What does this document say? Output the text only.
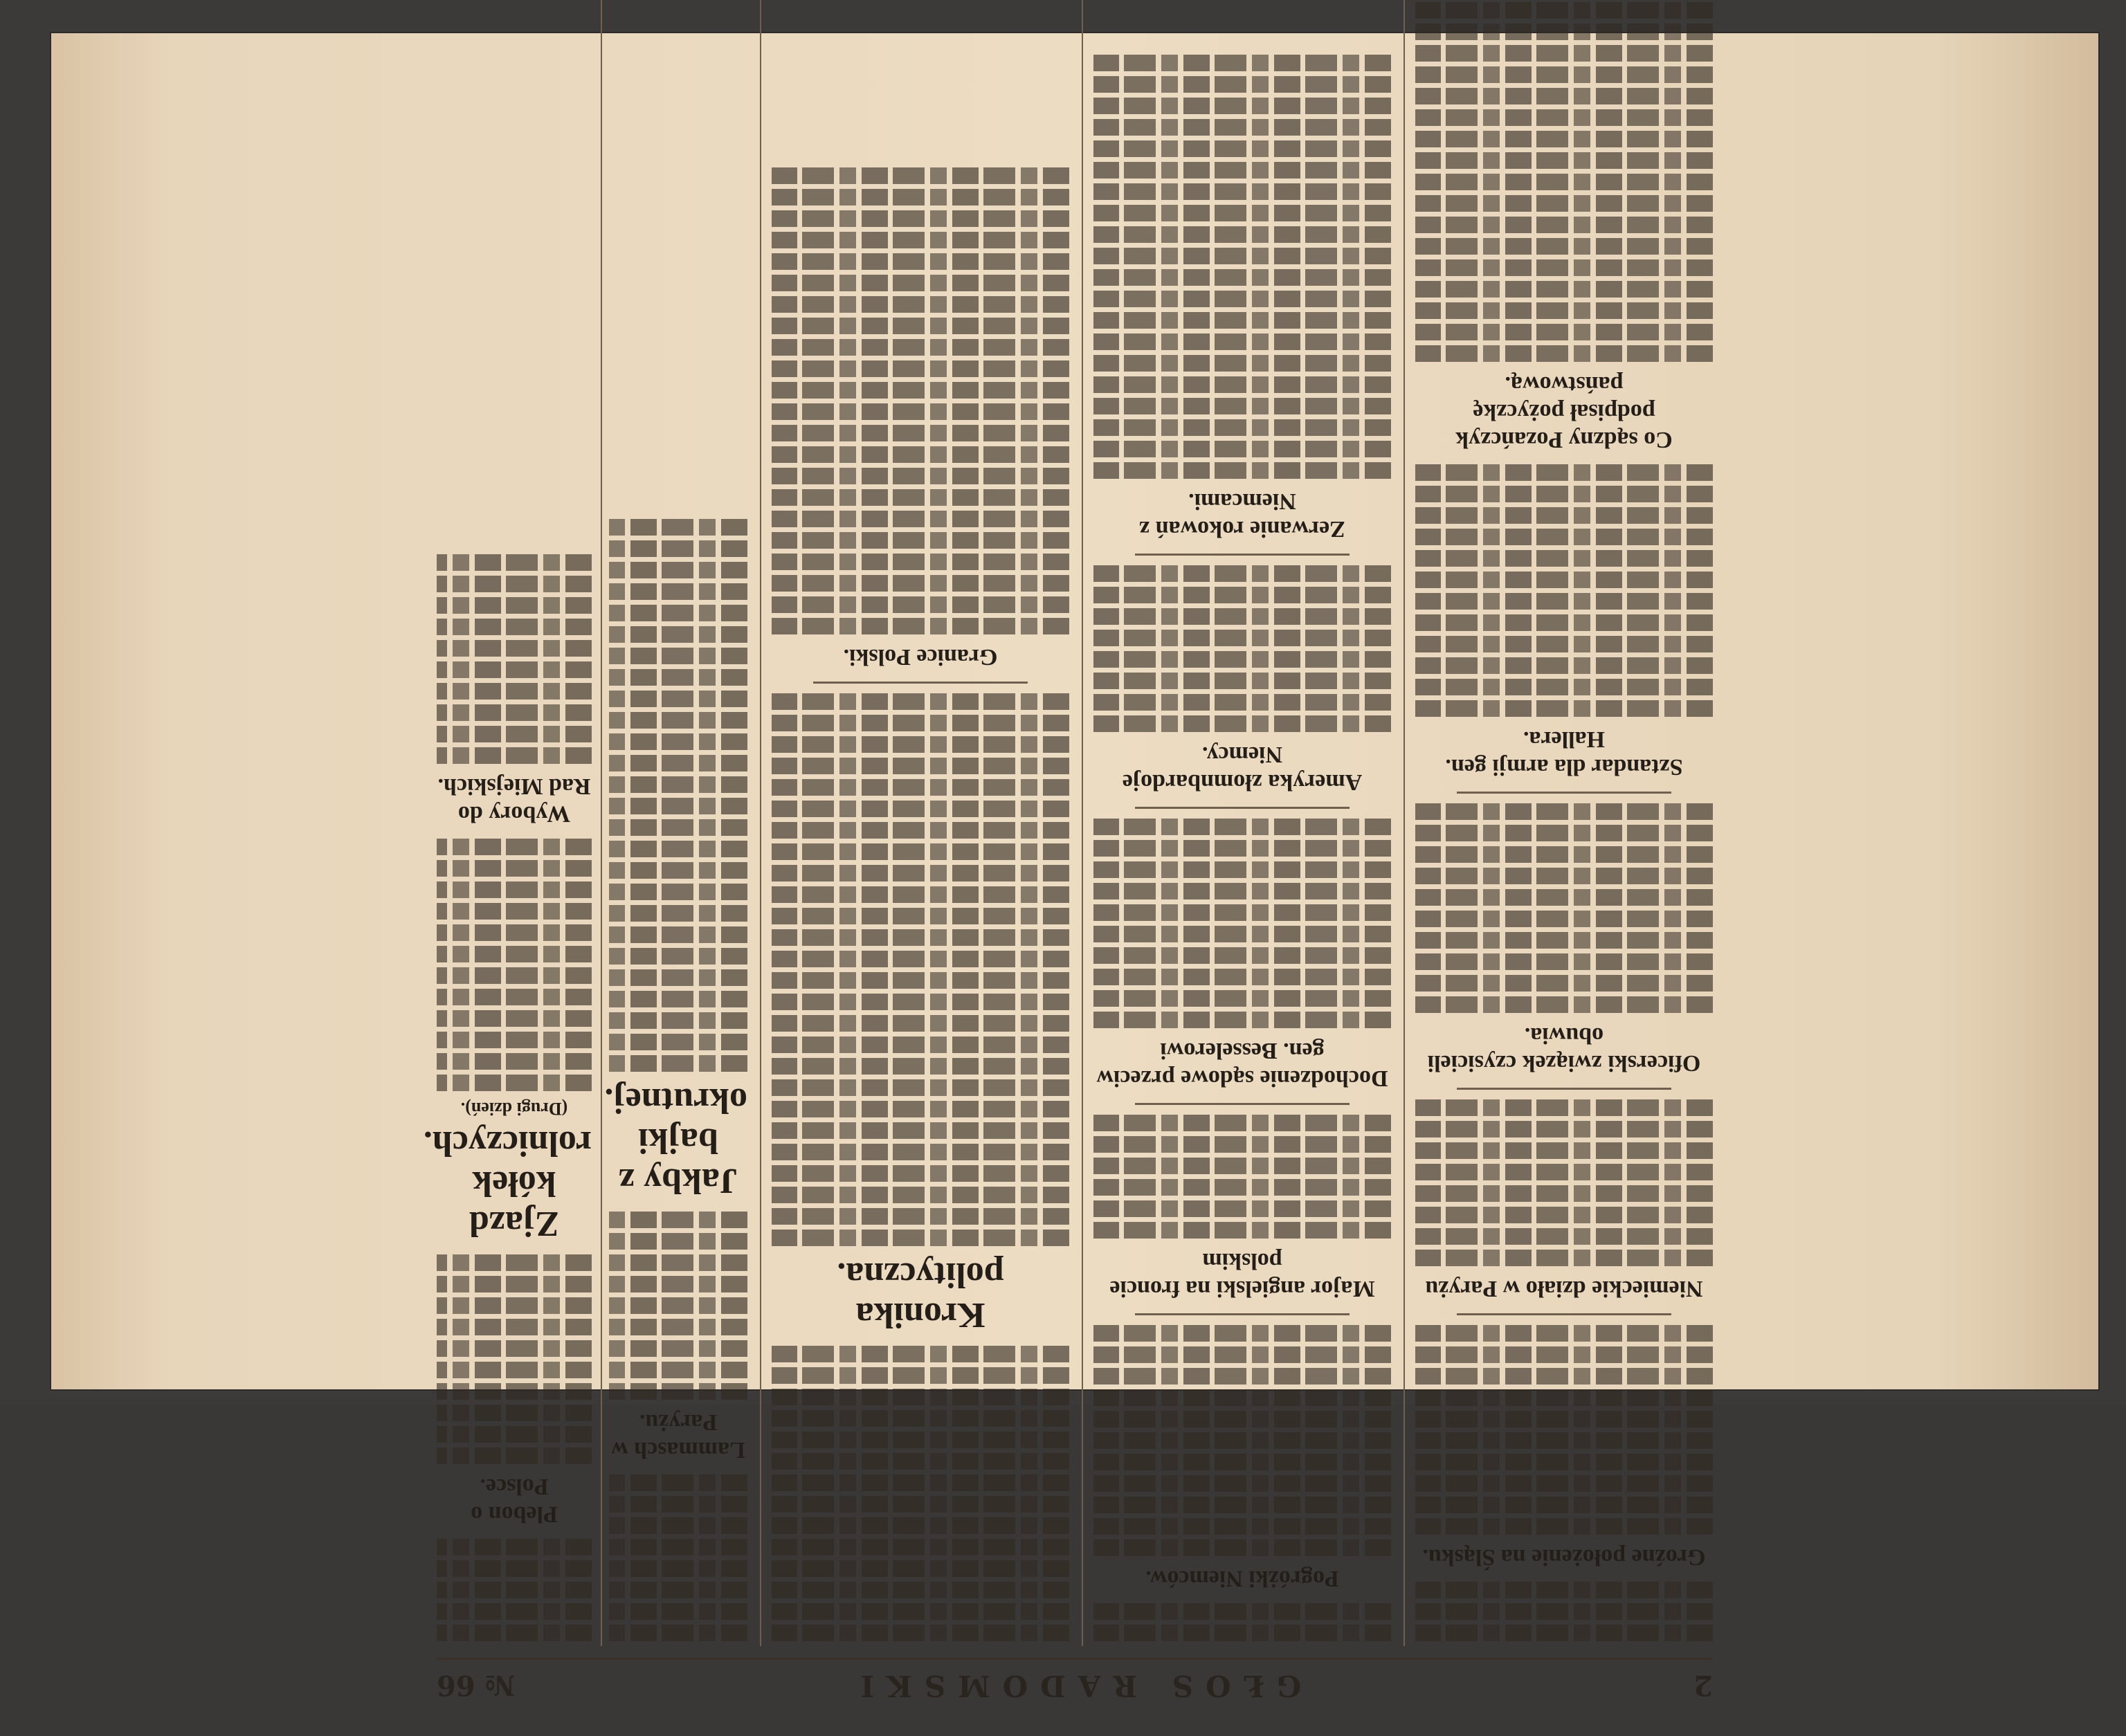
2
GŁOS RADOMSKI
№ 66
Groźne położenie na Śląsku.
Niemieckie działo w Paryżu
Oficerski związek czysicieli obuwia.
Sztandar dla armji gen. Hallera.
Co sądzny Pozańczyk podpisał pożyczkę państwową.
Pogróżki Niemców.
Major angielski na froncie polskim
Dochodzenie sądowe przeciw gen. Besselerowi
Ameryka złomnbardoje Niemcy.
Zerwanie rokowań z Niemcami.
Kronika polityczna.
Granice Polski.
Lammasch w Paryżu.
Jakby z bajki okrutnej.
Plebon o Polsce.
Zjazd kółek rolniczych.
(Drugi dzień).
Wybory do Rad Miejskich.
